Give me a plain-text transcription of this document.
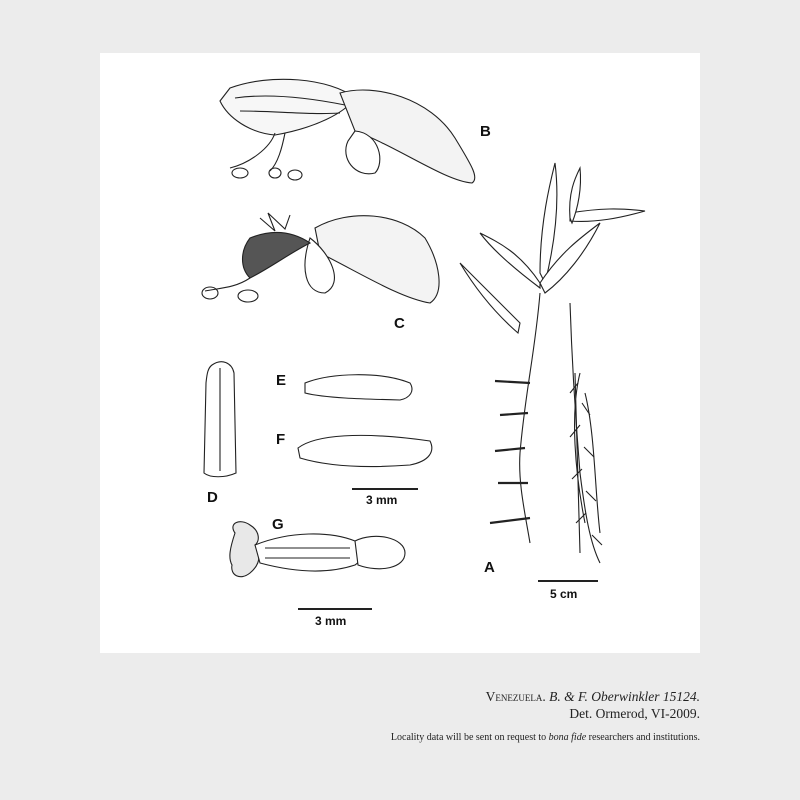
B
C
E
F
D
G
A
3 mm
3 mm
5 cm
Venezuela. B. & F. Oberwinkler 15124.
Det. Ormerod, VI-2009.
Locality data will be sent on request to bona fide researchers and institutions.
